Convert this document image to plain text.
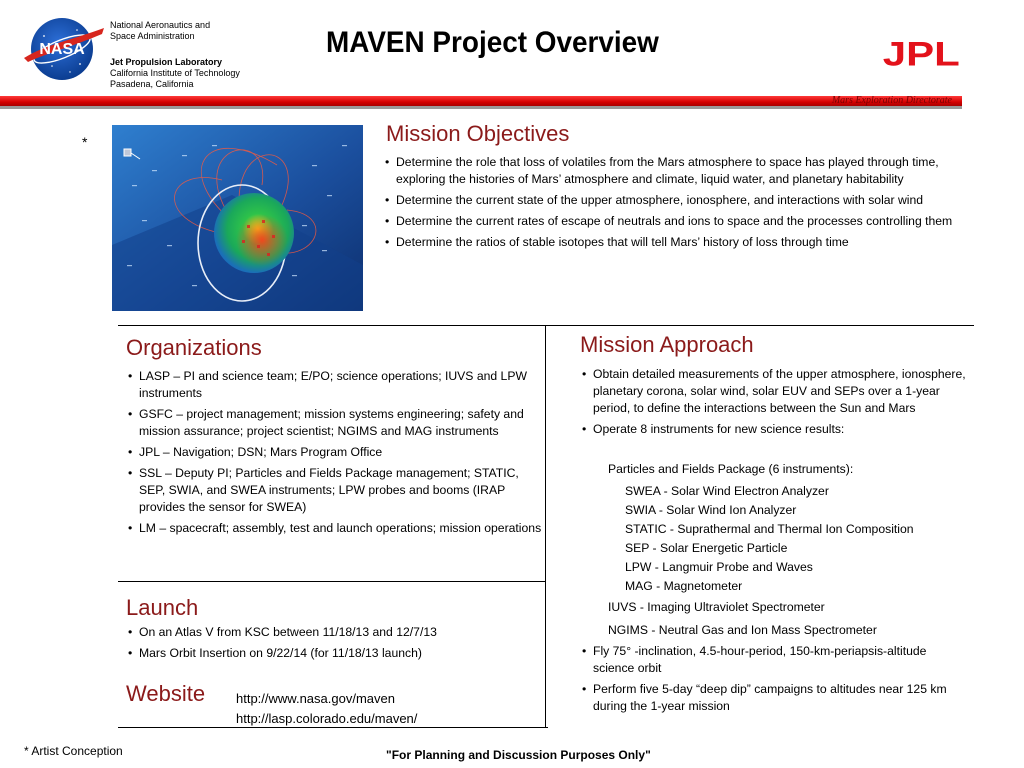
NASA
National Aeronautics and
Space Administration
Jet Propulsion Laboratory
California Institute of Technology
Pasadena, California
MAVEN Project Overview	JPL
Mars Exploration Directorate
*	Mission Objectives
• Determine the role that loss of volatiles from the Mars atmosphere to space has played through time, exploring the histories of Mars’ atmosphere and climate, liquid water, and planetary habitability
• Determine the current state of the upper atmosphere, ionosphere, and interactions with solar wind
• Determine the current rates of escape of neutrals and ions to space and the processes controlling them
• Determine the ratios of stable isotopes that will tell Mars’ history of loss through time
Organizations
• LASP – PI and science team; E/PO; science operations; IUVS and LPW instruments
• GSFC – project management; mission systems engineering; safety and mission assurance; project scientist; NGIMS and MAG instruments
• JPL – Navigation; DSN; Mars Program Office
• SSL – Deputy PI; Particles and Fields Package management; STATIC, SEP, SWIA, and SWEA instruments; LPW probes and booms (IRAP provides the sensor for SWEA)
• LM – spacecraft; assembly, test and launch operations; mission operations
Launch
• On an Atlas V from KSC between 11/18/13 and 12/7/13
• Mars Orbit Insertion on 9/22/14 (for 11/18/13 launch)
Website http://www.nasa.gov/maven
http://lasp.colorado.edu/maven/
Mission Approach
• Obtain detailed measurements of the upper atmosphere, ionosphere, planetary corona, solar wind, solar EUV and SEPs over a 1-year period, to define the interactions between the Sun and Mars
• Operate 8 instruments for new science results:
Particles and Fields Package (6 instruments):
SWEA - Solar Wind Electron Analyzer
SWIA - Solar Wind Ion Analyzer
STATIC - Suprathermal and Thermal Ion Composition
SEP - Solar Energetic Particle
LPW - Langmuir Probe and Waves
MAG - Magnetometer
IUVS - Imaging Ultraviolet Spectrometer
NGIMS - Neutral Gas and Ion Mass Spectrometer
• Fly 75° -inclination, 4.5-hour-period, 150-km-periapsis-altitude science orbit
• Perform five 5-day “deep dip” campaigns to altitudes near 125 km during the 1-year mission
* Artist Conception	"For Planning and Discussion Purposes Only"
